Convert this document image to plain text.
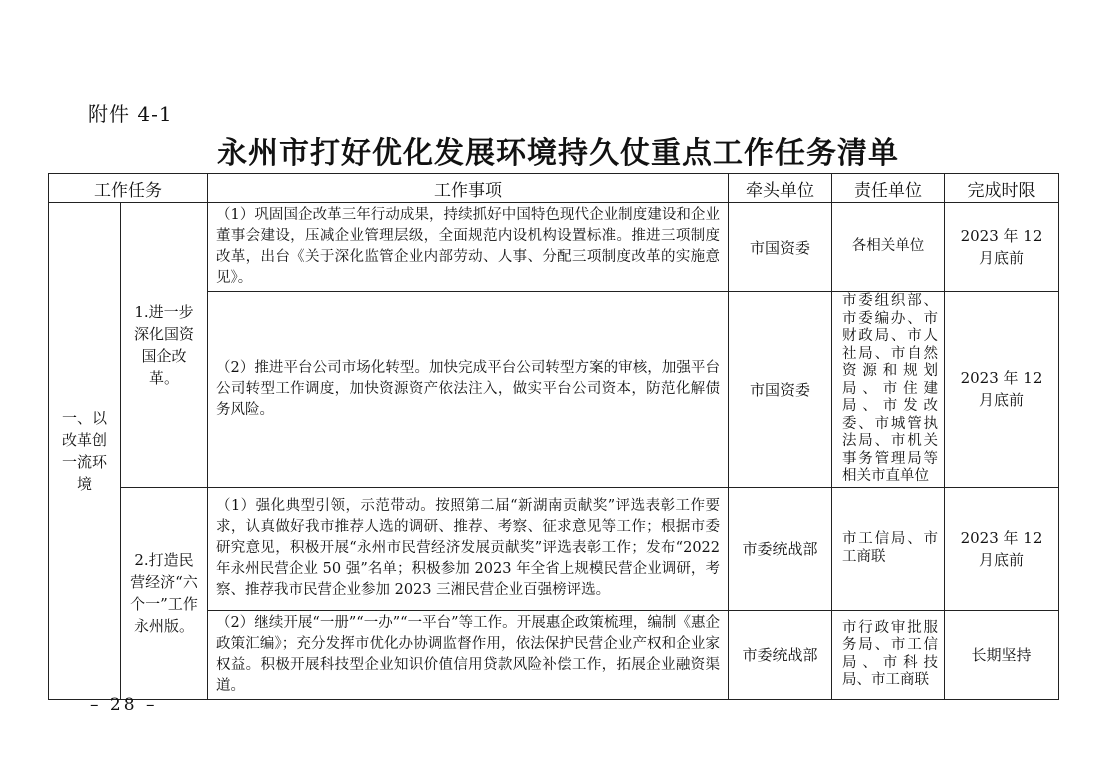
附件 4-1
永州市打好优化发展环境持久仗重点工作任务清单
工作任务		工作事项	牵头单位	责任单位	完成时限
一、以改革创一流环境	1.进一步深化国资国企改革。	（1）巩固国企改革三年行动成果，持续抓好中国特色现代企业制度建设和企业董事会建设，压减企业管理层级，全面规范内设机构设置标准。推进三项制度改革，出台《关于深化监管企业内部劳动、人事、分配三项制度改革的实施意见》。	市国资委	各相关单位	2023 年 12 月底前
		（2）推进平台公司市场化转型。加快完成平台公司转型方案的审核，加强平台公司转型工作调度，加快资源资产依法注入，做实平台公司资本，防范化解债务风险。	市国资委	市委组织部、市委编办、市财政局、市人社局、市自然资源和规划局、市住建局、市发改委、市城管执法局、市机关事务管理局等相关市直单位	2023 年 12 月底前
	2.打造民营经济“六个一”工作永州版。	（1）强化典型引领，示范带动。按照第二届“新湖南贡献奖”评选表彰工作要求，认真做好我市推荐人选的调研、推荐、考察、征求意见等工作；根据市委研究意见，积极开展“永州市民营经济发展贡献奖”评选表彰工作；发布“2022 年永州民营企业 50 强”名单；积极参加 2023 年全省上规模民营企业调研，考察、推荐我市民营企业参加 2023 三湘民营企业百强榜评选。	市委统战部	市工信局、市工商联	2023 年 12 月底前
		（2）继续开展“一册”“一办”“一平台”等工作。开展惠企政策梳理，编制《惠企政策汇编》；充分发挥市优化办协调监督作用，依法保护民营企业产权和企业家权益。积极开展科技型企业知识价值信用贷款风险补偿工作，拓展企业融资渠道。	市委统战部	市行政审批服务局、市工信局、市科技局、市工商联	长期坚持
– 28 –
